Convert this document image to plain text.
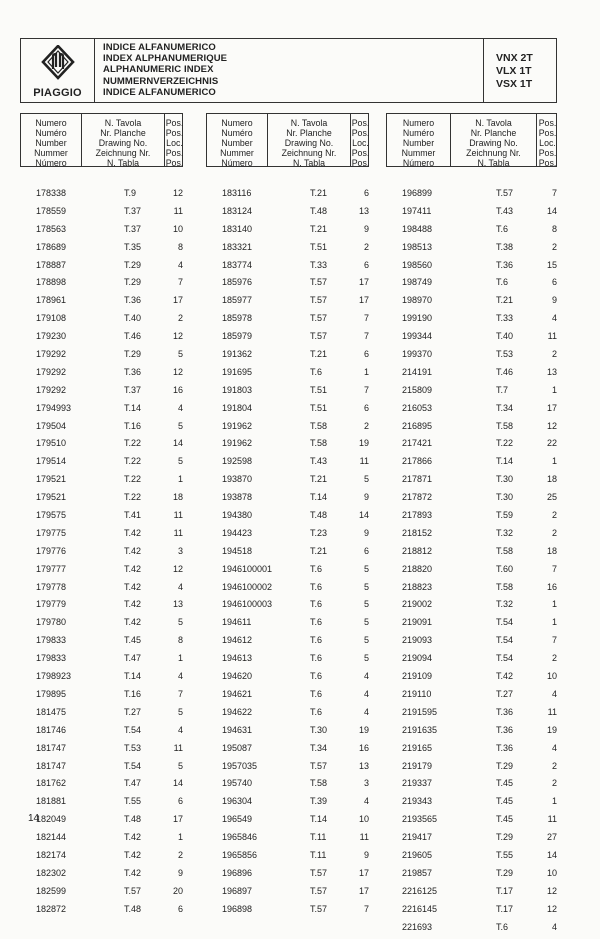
PIAGGIO
INDICE ALFANUMERICO
INDEX ALPHANUMERIQUE
ALPHANUMERIC INDEX
NUMMERNVERZEICHNIS
INDICE ALFANUMERICO
VNX 2T
VLX 1T
VSX 1T
Numero
Numéro
Number
Nummer
Número
N. Tavola
Nr. Planche
Drawing No.
Zeichnung Nr.
N. Tabla
Pos.
Pos.
Loc.
Pos.
Pos.
Numero
Numéro
Number
Nummer
Número
N. Tavola
Nr. Planche
Drawing No.
Zeichnung Nr.
N. Tabla
Pos.
Pos.
Loc.
Pos.
Pos.
Numero
Numéro
Number
Nummer
Número
N. Tavola
Nr. Planche
Drawing No.
Zeichnung Nr.
N. Tabla
Pos.
Pos.
Loc.
Pos.
Pos.
178338	T.9	12
178559	T.37	11
178563	T.37	10
178689	T.35	8
178887	T.29	4
178898	T.29	7
178961	T.36	17
179108	T.40	2
179230	T.46	12
179292	T.29	5
179292	T.36	12
179292	T.37	16
1794993	T.14	4
179504	T.16	5
179510	T.22	14
179514	T.22	5
179521	T.22	1
179521	T.22	18
179575	T.41	11
179775	T.42	11
179776	T.42	3
179777	T.42	12
179778	T.42	4
179779	T.42	13
179780	T.42	5
179833	T.45	8
179833	T.47	1
1798923	T.14	4
179895	T.16	7
181475	T.27	5
181746	T.54	4
181747	T.53	11
181747	T.54	5
181762	T.47	14
181881	T.55	6
182049	T.48	17
182144	T.42	1
182174	T.42	2
182302	T.42	9
182599	T.57	20
182872	T.48	6
183116	T.21	6
183124	T.48	13
183140	T.21	9
183321	T.51	2
183774	T.33	6
185976	T.57	17
185977	T.57	17
185978	T.57	7
185979	T.57	7
191362	T.21	6
191695	T.6	1
191803	T.51	7
191804	T.51	6
191962	T.58	2
191962	T.58	19
192598	T.43	11
193870	T.21	5
193878	T.14	9
194380	T.48	14
194423	T.23	9
194518	T.21	6
1946100001	T.6	5
1946100002	T.6	5
1946100003	T.6	5
194611	T.6	5
194612	T.6	5
194613	T.6	5
194620	T.6	4
194621	T.6	4
194622	T.6	4
194631	T.30	19
195087	T.34	16
1957035	T.57	13
195740	T.58	3
196304	T.39	4
196549	T.14	10
1965846	T.11	11
1965856	T.11	9
196896	T.57	17
196897	T.57	17
196898	T.57	7
196899	T.57	7
197411	T.43	14
198488	T.6	8
198513	T.38	2
198560	T.36	15
198749	T.6	6
198970	T.21	9
199190	T.33	4
199344	T.40	11
199370	T.53	2
214191	T.46	13
215809	T.7	1
216053	T.34	17
216895	T.58	12
217421	T.22	22
217866	T.14	1
217871	T.30	18
217872	T.30	25
217893	T.59	2
218152	T.32	2
218812	T.58	18
218820	T.60	7
218823	T.58	16
219002	T.32	1
219091	T.54	1
219093	T.54	7
219094	T.54	2
219109	T.42	10
219110	T.27	4
2191595	T.36	11
2191635	T.36	19
219165	T.36	4
219179	T.29	2
219337	T.45	2
219343	T.45	1
2193565	T.45	11
219417	T.29	27
219605	T.55	14
219857	T.29	10
2216125	T.17	12
2216145	T.17	12
221693	T.6	4
14
